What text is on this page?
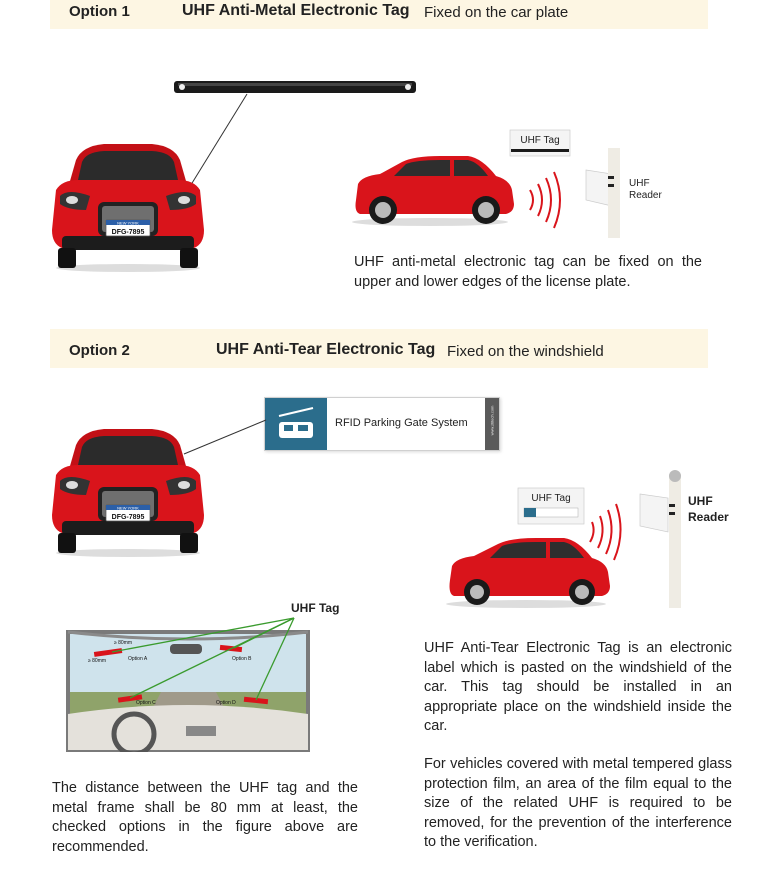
Option 1	UHF Anti-Metal Electronic Tag Fixed on the car plate
NEW YORK
DFG-7895
UHF Tag
UHF
Reader
UHF anti-metal electronic tag can be fixed on the upper and lower edges of the license plate.
Option 2	UHF Anti-Tear Electronic Tag Fixed on the windshield
RFID Parking Gate System	www.ztitech.com
NEW YORK
DFG-7895
UHF Tag	UHF
Reader
UHF Tag
≥ 80mm
≥ 80mm	Option A	Option B
Option C	Option D
UHF Anti-Tear Electronic Tag is an electronic label which is pasted on the windshield of the car. This tag should be installed in an appropriate place on the windshield inside the car.
For vehicles covered with metal tempered glass protection film, an area of the film equal to the size of the related UHF is required to be removed, for the prevention of the interference to the verification.
The distance between the UHF tag and the metal frame shall be 80 mm at least, the checked options in the figure above are recommended.
